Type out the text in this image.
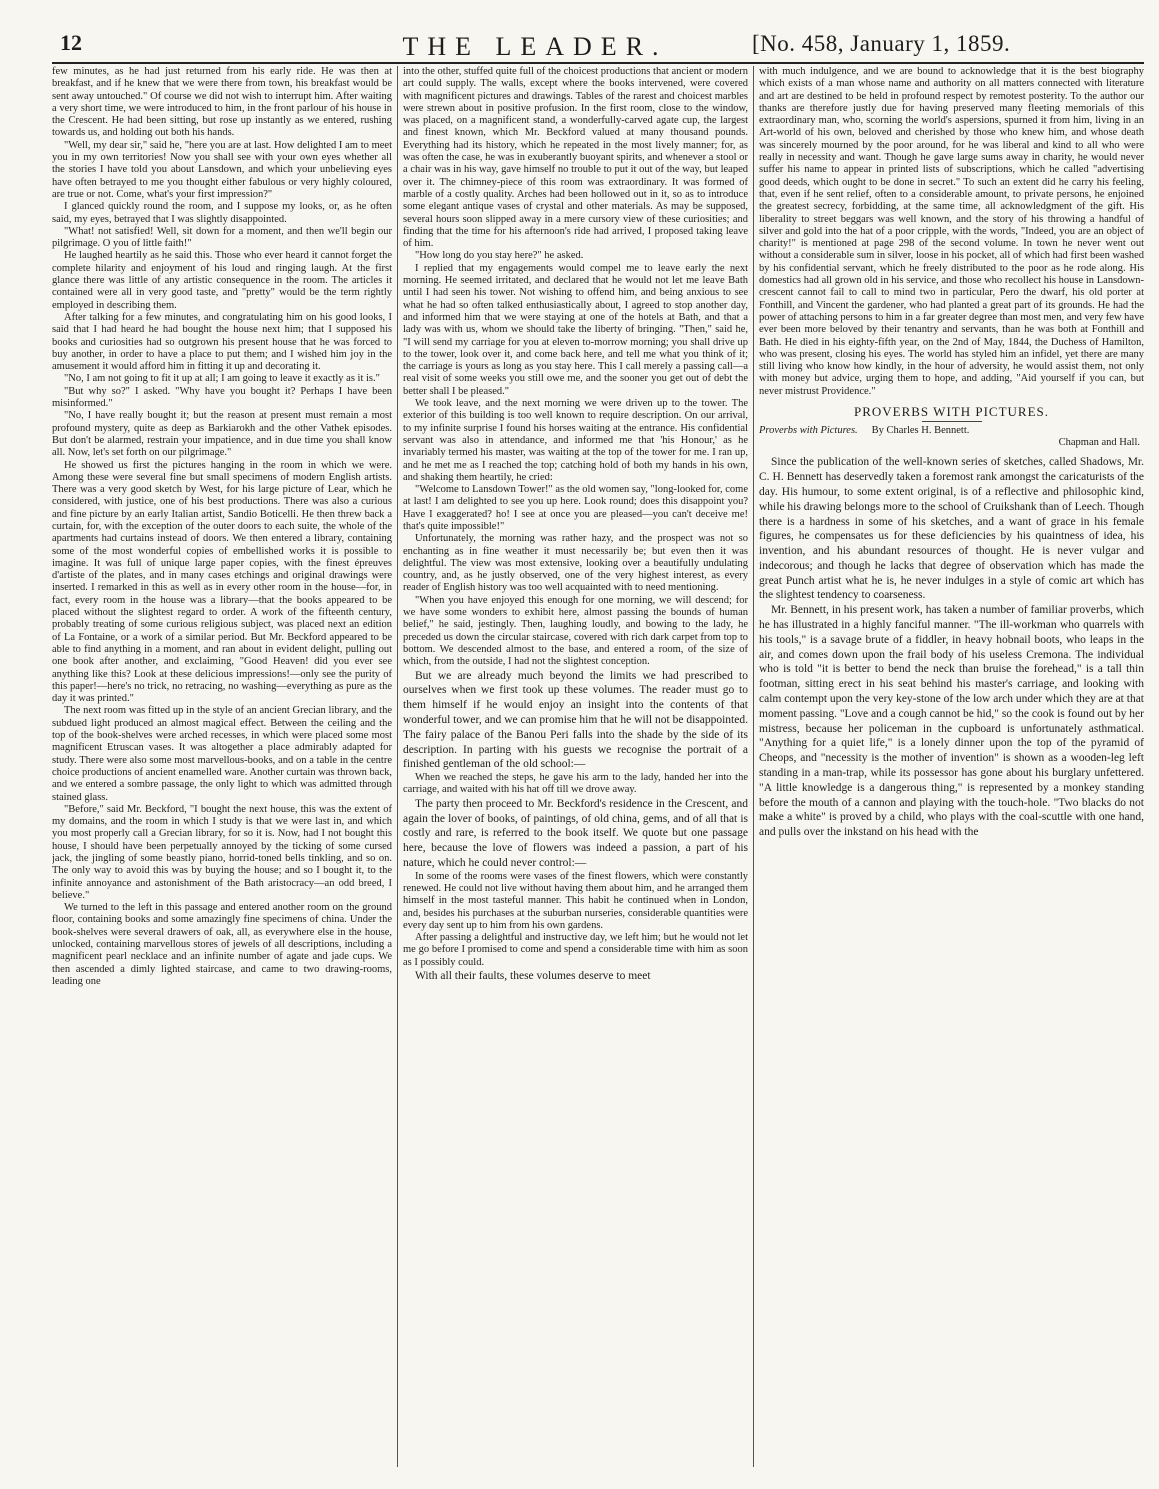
12	THE LEADER.	[No. 458, January 1, 1859.

few minutes, as he had just returned from his early ride. He was then at breakfast, and if he knew that we were there from town, his breakfast would be sent away untouched." Of course we did not wish to interrupt him. After waiting a very short time, we were introduced to him, in the front parlour of his house in the Crescent. He had been sitting, but rose up instantly as we entered, rushing towards us, and holding out both his hands.

"Well, my dear sir," said he, "here you are at last. How delighted I am to meet you in my own territories! Now you shall see with your own eyes whether all the stories I have told you about Lansdown, and which your unbelieving eyes have often betrayed to me you thought either fabulous or very highly coloured, are true or not. Come, what's your first impression?"

I glanced quickly round the room, and I suppose my looks, or, as he often said, my eyes, betrayed that I was slightly disappointed.

"What! not satisfied! Well, sit down for a moment, and then we'll begin our pilgrimage. O you of little faith!"

He laughed heartily as he said this. Those who ever heard it cannot forget the complete hilarity and enjoyment of his loud and ringing laugh. At the first glance there was little of any artistic consequence in the room. The articles it contained were all in very good taste, and "pretty" would be the term rightly employed in describing them.

After talking for a few minutes, and congratulating him on his good looks, I said that I had heard he had bought the house next him; that I supposed his books and curiosities had so outgrown his present house that he was forced to buy another, in order to have a place to put them; and I wished him joy in the amusement it would afford him in fitting it up and decorating it.

"No, I am not going to fit it up at all; I am going to leave it exactly as it is."

"But why so?" I asked. "Why have you bought it? Perhaps I have been misinformed."

"No, I have really bought it; but the reason at present must remain a most profound mystery, quite as deep as Barkiarokh and the other Vathek episodes. But don't be alarmed, restrain your impatience, and in due time you shall know all. Now, let's set forth on our pilgrimage."

He showed us first the pictures hanging in the room in which we were. Among these were several fine but small specimens of modern English artists. There was a very good sketch by West, for his large picture of Lear, which he considered, with justice, one of his best productions. There was also a curious and fine picture by an early Italian artist, Sandio Boticelli. He then threw back a curtain, for, with the exception of the outer doors to each suite, the whole of the apartments had curtains instead of doors. We then entered a library, containing some of the most wonderful copies of embellished works it is possible to imagine. It was full of unique large paper copies, with the finest épreuves d'artiste of the plates, and in many cases etchings and original drawings were inserted. I remarked in this as well as in every other room in the house—for, in fact, every room in the house was a library—that the books appeared to be placed without the slightest regard to order. A work of the fifteenth century, probably treating of some curious religious subject, was placed next an edition of La Fontaine, or a work of a similar period. But Mr. Beckford appeared to be able to find anything in a moment, and ran about in evident delight, pulling out one book after another, and exclaiming, "Good Heaven! did you ever see anything like this? Look at these delicious impressions!—only see the purity of this paper!—here's no trick, no retracing, no washing—everything as pure as the day it was printed."

The next room was fitted up in the style of an ancient Grecian library, and the subdued light produced an almost magical effect. Between the ceiling and the top of the book-shelves were arched recesses, in which were placed some most magnificent Etruscan vases. It was altogether a place admirably adapted for study. There were also some most marvellous-books, and on a table in the centre choice productions of ancient enamelled ware. Another curtain was thrown back, and we entered a sombre passage, the only light to which was admitted through stained glass.

"Before," said Mr. Beckford, "I bought the next house, this was the extent of my domains, and the room in which I study is that we were last in, and which you most properly call a Grecian library, for so it is. Now, had I not bought this house, I should have been perpetually annoyed by the ticking of some cursed jack, the jingling of some beastly piano, horrid-toned bells tinkling, and so on. The only way to avoid this was by buying the house; and so I bought it, to the infinite annoyance and astonishment of the Bath aristocracy—an odd breed, I believe."

We turned to the left in this passage and entered another room on the ground floor, containing books and some amazingly fine specimens of china. Under the book-shelves were several drawers of oak, all, as everywhere else in the house, unlocked, containing marvellous stores of jewels of all descriptions, including a magnificent pearl necklace and an infinite number of agate and jade cups. We then ascended a dimly lighted staircase, and came to two drawing-rooms, leading one

into the other, stuffed quite full of the choicest productions that ancient or modern art could supply. The walls, except where the books intervened, were covered with magnificent pictures and drawings. Tables of the rarest and choicest marbles were strewn about in positive profusion. In the first room, close to the window, was placed, on a magnificent stand, a wonderfully-carved agate cup, the largest and finest known, which Mr. Beckford valued at many thousand pounds. Everything had its history, which he repeated in the most lively manner; for, as was often the case, he was in exuberantly buoyant spirits, and whenever a stool or a chair was in his way, gave himself no trouble to put it out of the way, but leaped over it. The chimney-piece of this room was extraordinary. It was formed of marble of a costly quality. Arches had been hollowed out in it, so as to introduce some elegant antique vases of crystal and other materials. As may be supposed, several hours soon slipped away in a mere cursory view of these curiosities; and finding that the time for his afternoon's ride had arrived, I proposed taking leave of him.

"How long do you stay here?" he asked.

I replied that my engagements would compel me to leave early the next morning. He seemed irritated, and declared that he would not let me leave Bath until I had seen his tower. Not wishing to offend him, and being anxious to see what he had so often talked enthusiastically about, I agreed to stop another day, and informed him that we were staying at one of the hotels at Bath, and that a lady was with us, whom we should take the liberty of bringing. "Then," said he, "I will send my carriage for you at eleven to-morrow morning; you shall drive up to the tower, look over it, and come back here, and tell me what you think of it; the carriage is yours as long as you stay here. This I call merely a passing call—a real visit of some weeks you still owe me, and the sooner you get out of debt the better shall I be pleased."

We took leave, and the next morning we were driven up to the tower. The exterior of this building is too well known to require description. On our arrival, to my infinite surprise I found his horses waiting at the entrance. His confidential servant was also in attendance, and informed me that 'his Honour,' as he invariably termed his master, was waiting at the top of the tower for me. I ran up, and he met me as I reached the top; catching hold of both my hands in his own, and shaking them heartily, he cried:

"Welcome to Lansdown Tower!" as the old women say, "long-looked for, come at last! I am delighted to see you up here. Look round; does this disappoint you? Have I exaggerated? ho! I see at once you are pleased—you can't deceive me! that's quite impossible!"

Unfortunately, the morning was rather hazy, and the prospect was not so enchanting as in fine weather it must necessarily be; but even then it was delightful. The view was most extensive, looking over a beautifully undulating country, and, as he justly observed, one of the very highest interest, as every reader of English history was too well acquainted with to need mentioning.

"When you have enjoyed this enough for one morning, we will descend; for we have some wonders to exhibit here, almost passing the bounds of human belief," he said, jestingly. Then, laughing loudly, and bowing to the lady, he preceded us down the circular staircase, covered with rich dark carpet from top to bottom. We descended almost to the base, and entered a room, of the size of which, from the outside, I had not the slightest conception.

But we are already much beyond the limits we had prescribed to ourselves when we first took up these volumes. The reader must go to them himself if he would enjoy an insight into the contents of that wonderful tower, and we can promise him that he will not be disappointed. The fairy palace of the Banou Peri falls into the shade by the side of its description. In parting with his guests we recognise the portrait of a finished gentleman of the old school:—

When we reached the steps, he gave his arm to the lady, handed her into the carriage, and waited with his hat off till we drove away.

The party then proceed to Mr. Beckford's residence in the Crescent, and again the lover of books, of paintings, of old china, gems, and of all that is costly and rare, is referred to the book itself. We quote but one passage here, because the love of flowers was indeed a passion, a part of his nature, which he could never control:—

In some of the rooms were vases of the finest flowers, which were constantly renewed. He could not live without having them about him, and he arranged them himself in the most tasteful manner. This habit he continued when in London, and, besides his purchases at the suburban nurseries, considerable quantities were every day sent up to him from his own gardens.

After passing a delightful and instructive day, we left him; but he would not let me go before I promised to come and spend a considerable time with him as soon as I possibly could.

With all their faults, these volumes deserve to meet

with much indulgence, and we are bound to acknowledge that it is the best biography which exists of a man whose name and authority on all matters connected with literature and art are destined to be held in profound respect by remotest posterity. To the author our thanks are therefore justly due for having preserved many fleeting memorials of this extraordinary man, who, scorning the world's aspersions, spurned it from him, living in an Art-world of his own, beloved and cherished by those who knew him, and whose death was sincerely mourned by the poor around, for he was liberal and kind to all who were really in necessity and want. Though he gave large sums away in charity, he would never suffer his name to appear in printed lists of subscriptions, which he called "advertising good deeds, which ought to be done in secret." To such an extent did he carry his feeling, that, even if he sent relief, often to a considerable amount, to private persons, he enjoined the greatest secrecy, forbidding, at the same time, all acknowledgment of the gift. His liberality to street beggars was well known, and the story of his throwing a handful of silver and gold into the hat of a poor cripple, with the words, "Indeed, you are an object of charity!" is mentioned at page 298 of the second volume. In town he never went out without a considerable sum in silver, loose in his pocket, all of which had first been washed by his confidential servant, which he freely distributed to the poor as he rode along. His domestics had all grown old in his service, and those who recollect his house in Lansdown-crescent cannot fail to call to mind two in particular, Pero the dwarf, his old porter at Fonthill, and Vincent the gardener, who had planted a great part of its grounds. He had the power of attaching persons to him in a far greater degree than most men, and very few have ever been more beloved by their tenantry and servants, than he was both at Fonthill and Bath. He died in his eighty-fifth year, on the 2nd of May, 1844, the Duchess of Hamilton, who was present, closing his eyes. The world has styled him an infidel, yet there are many still living who know how kindly, in the hour of adversity, he would assist them, not only with money but advice, urging them to hope, and adding, "Aid yourself if you can, but never mistrust Providence."

PROVERBS WITH PICTURES.
Proverbs with Pictures. By Charles H. Bennett.
Chapman and Hall.

Since the publication of the well-known series of sketches, called Shadows, Mr. C. H. Bennett has deservedly taken a foremost rank amongst the caricaturists of the day. His humour, to some extent original, is of a reflective and philosophic kind, while his drawing belongs more to the school of Cruikshank than of Leech. Though there is a hardness in some of his sketches, and a want of grace in his female figures, he compensates us for these deficiencies by his quaintness of idea, his invention, and his abundant resources of thought. He is never vulgar and indecorous; and though he lacks that degree of observation which has made the great Punch artist what he is, he never indulges in a style of comic art which has the slightest tendency to coarseness.

Mr. Bennett, in his present work, has taken a number of familiar proverbs, which he has illustrated in a highly fanciful manner. "The ill-workman who quarrels with his tools," is a savage brute of a fiddler, in heavy hobnail boots, who leaps in the air, and comes down upon the frail body of his useless Cremona. The individual who is told "it is better to bend the neck than bruise the forehead," is a tall thin footman, sitting erect in his seat behind his master's carriage, and looking with calm contempt upon the very key-stone of the low arch under which they are at that moment passing. "Love and a cough cannot be hid," so the cook is found out by her mistress, because her policeman in the cupboard is unfortunately asthmatical. "Anything for a quiet life," is a lonely dinner upon the top of the pyramid of Cheops, and "necessity is the mother of invention" is shown as a wooden-leg left standing in a man-trap, while its possessor has gone about his burglary unfettered. "A little knowledge is a dangerous thing," is represented by a monkey standing before the mouth of a cannon and playing with the touch-hole. "Two blacks do not make a white" is proved by a child, who plays with the coal-scuttle with one hand, and pulls over the inkstand on his head with the
